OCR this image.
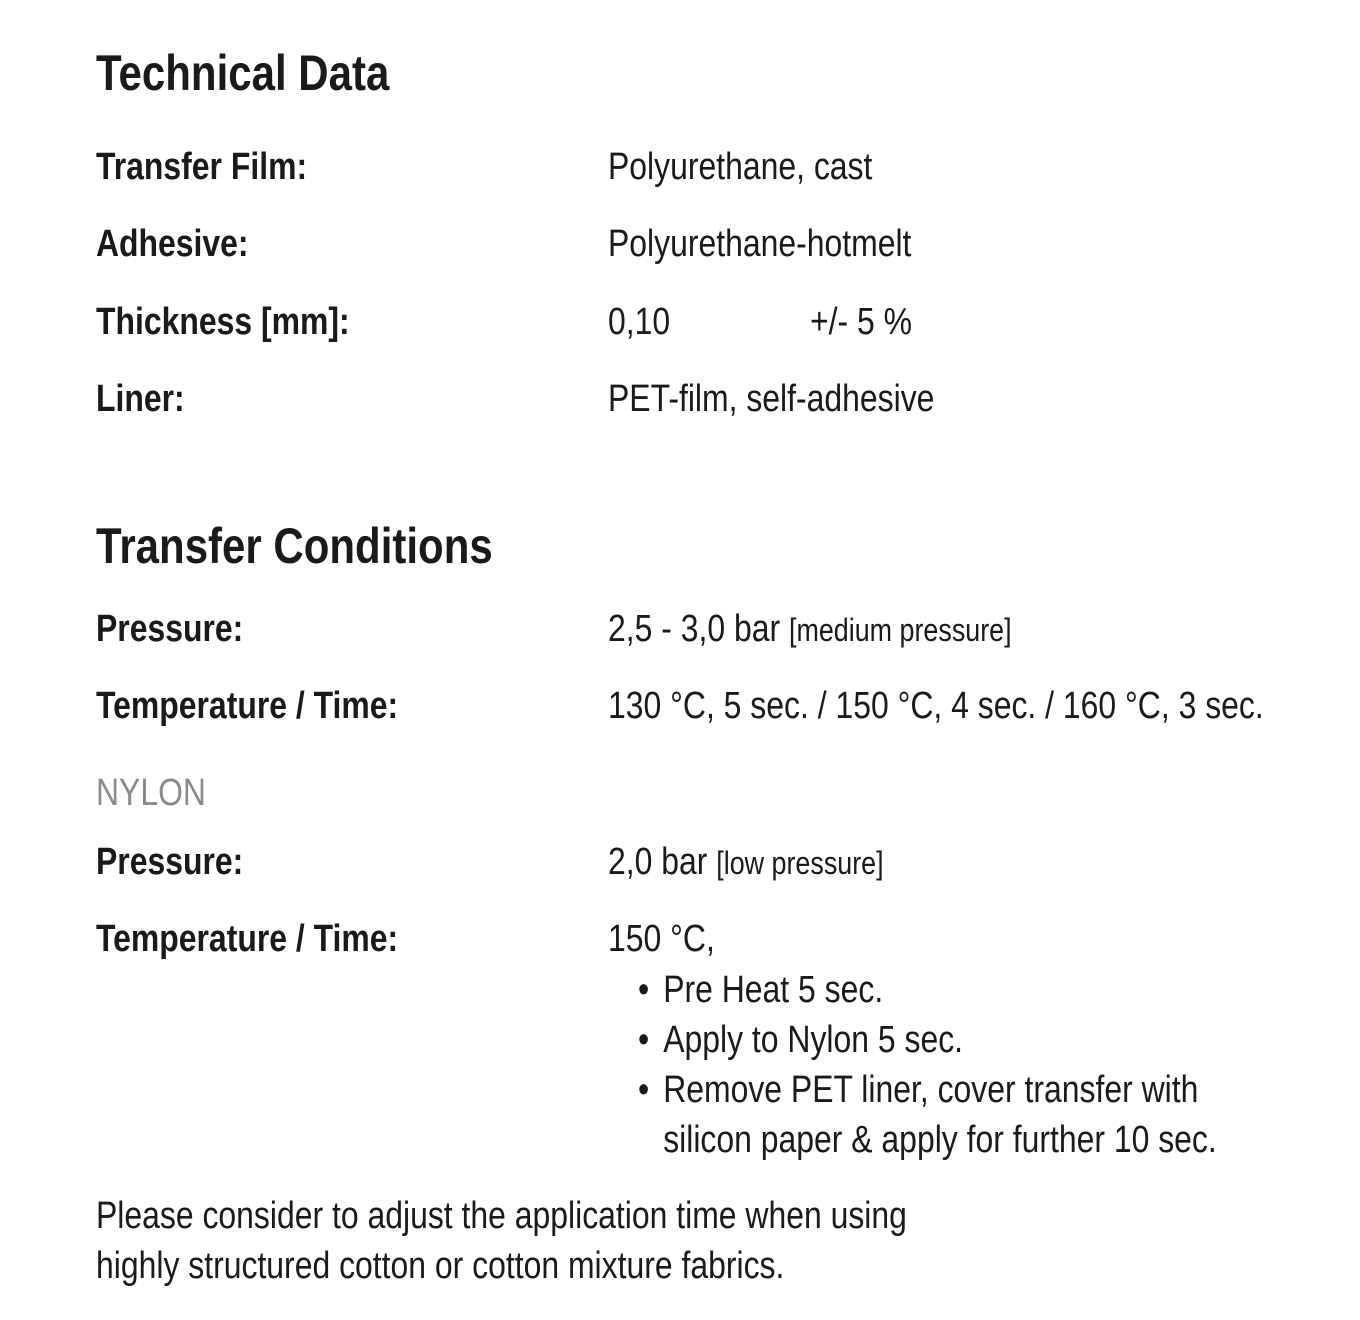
Technical Data
Transfer Film:	Polyurethane, cast
Adhesive:	Polyurethane-hotmelt
Thickness [mm]:	0,10	+/- 5 %
Liner:	PET-film, self-adhesive
Transfer Conditions
Pressure:	2,5 - 3,0 bar [medium pressure]
Temperature / Time:	130 °C, 5 sec. / 150 °C, 4 sec. / 160 °C, 3 sec.
NYLON
Pressure:	2,0 bar [low pressure]
Temperature / Time:	150 °C,
• Pre Heat 5 sec.
• Apply to Nylon 5 sec.
• Remove PET liner, cover transfer with
silicon paper & apply for further 10 sec.
Please consider to adjust the application time when using
highly structured cotton or cotton mixture fabrics.
